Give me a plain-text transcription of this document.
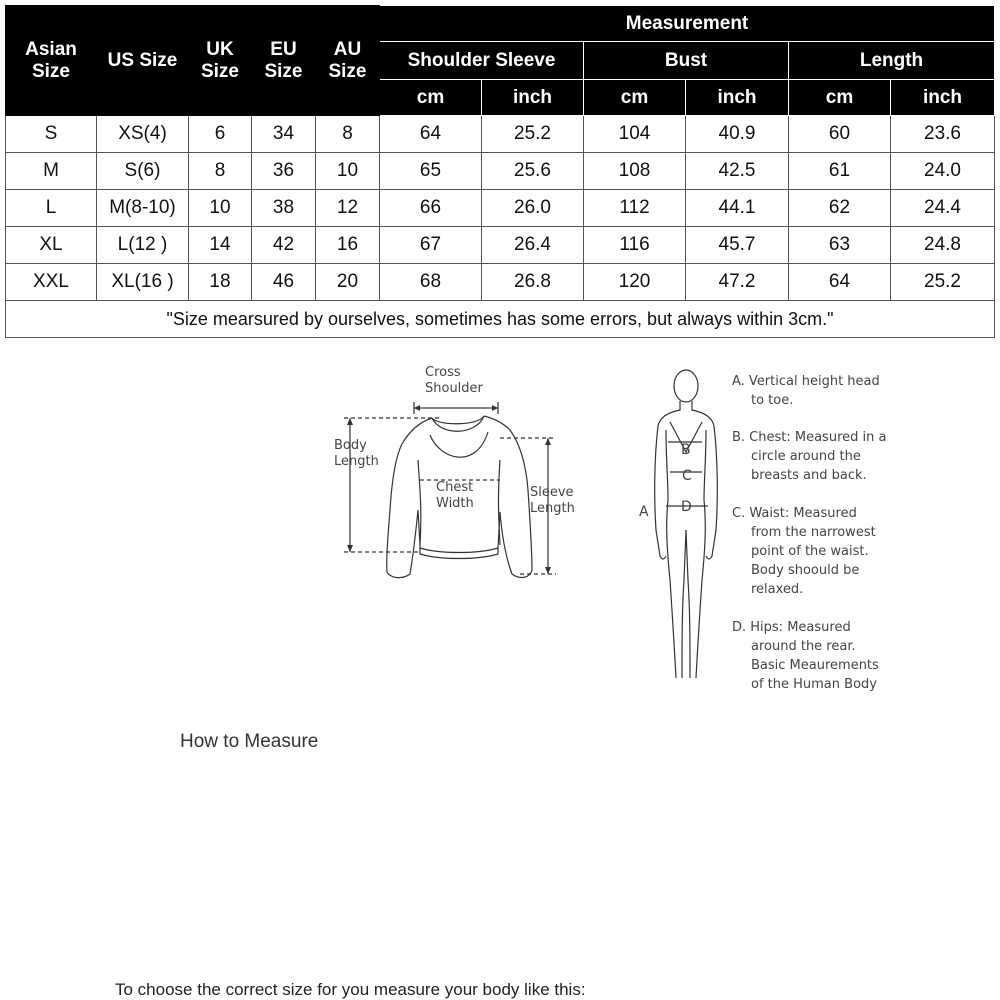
Asian Size	US Size	UK Size	EU Size	AU Size	Measurement					
					Shoulder Sleeve		Bust		Length	
					cm	inch	cm	inch	cm	inch
S	XS(4)	6	34	8	64	25.2	104	40.9	60	23.6
M	S(6)	8	36	10	65	25.6	108	42.5	61	24.0
L	M(8-10)	10	38	12	66	26.0	112	44.1	62	24.4
XL	L(12 )	14	42	16	67	26.4	116	45.7	63	24.8
XXL	XL(16 )	18	46	20	68	26.8	120	47.2	64	25.2
"Size mearsured by ourselves, sometimes has some errors, but always within 3cm."										
How to Measure
Cross
Shoulder
Body
Length
Chest
Width
Sleeve
Length
B
C
D
A
To choose the correct size for you measure your body like this:
A. Vertical height head
to toe.
B. Chest: Measured in a
circle around the
breasts and back.
C. Waist: Measured
from the narrowest
point of the waist.
Body shoould be
relaxed.
D. Hips: Measured
around the rear.
Basic Meaurements
of the Human Body
